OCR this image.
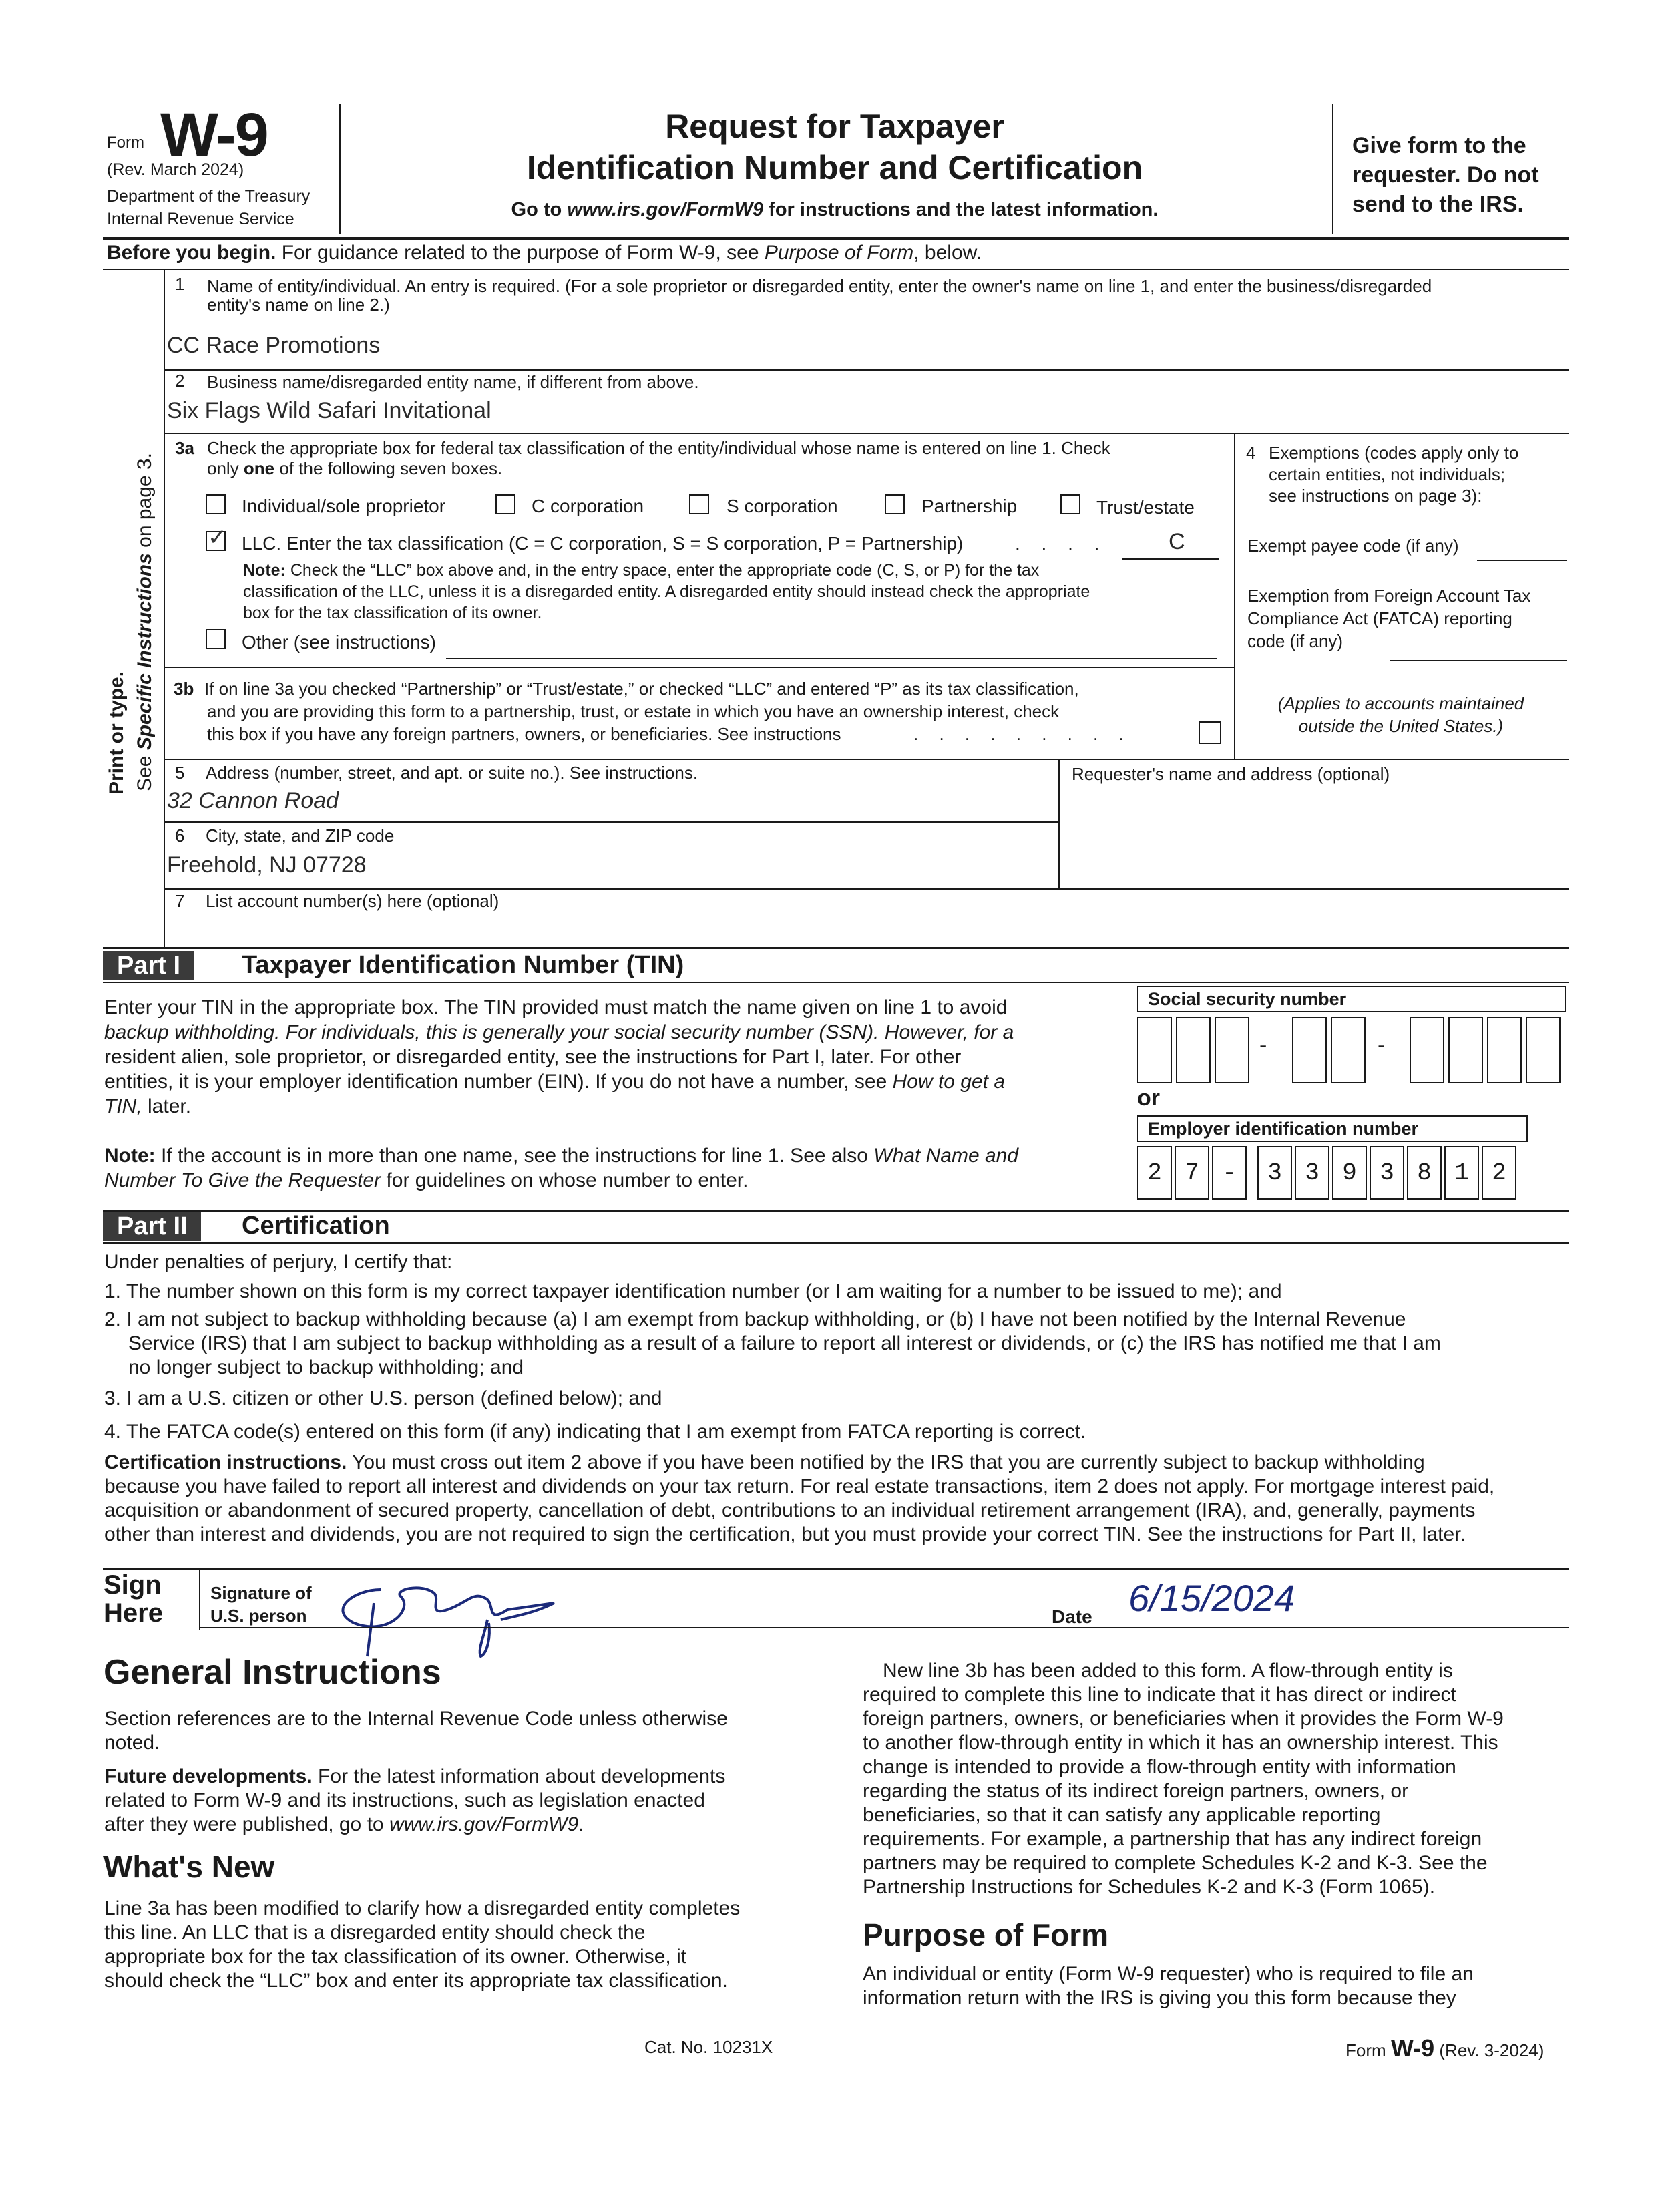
Form W-9
(Rev. March 2024)
Department of the Treasury
Internal Revenue Service
Request for Taxpayer
Identification Number and Certification
Go to www.irs.gov/FormW9 for instructions and the latest information.
Give form to the
requester. Do not
send to the IRS.
Before you begin. For guidance related to the purpose of Form W-9, see Purpose of Form, below.
Print or type. See Specific Instructions on page 3.
1 Name of entity/individual. An entry is required. (For a sole proprietor or disregarded entity, enter the owner's name on line 1, and enter the business/disregarded
entity's name on line 2.)
CC Race Promotions
2 Business name/disregarded entity name, if different from above.
Six Flags Wild Safari Invitational
3a Check the appropriate box for federal tax classification of the entity/individual whose name is entered on line 1. Check
only one of the following seven boxes.
Individual/sole proprietor	C corporation	S corporation	Partnership	Trust/estate
✓ LLC. Enter the tax classification (C = C corporation, S = S corporation, P = Partnership)	. . . .	C
Note: Check the “LLC” box above and, in the entry space, enter the appropriate code (C, S, or P) for the tax
classification of the LLC, unless it is a disregarded entity. A disregarded entity should instead check the appropriate
box for the tax classification of its owner.
Other (see instructions)
3b If on line 3a you checked “Partnership” or “Trust/estate,” or checked “LLC” and entered “P” as its tax classification,
and you are providing this form to a partnership, trust, or estate in which you have an ownership interest, check
this box if you have any foreign partners, owners, or beneficiaries. See instructions	. . . . . . . . .
4 Exemptions (codes apply only to
certain entities, not individuals;
see instructions on page 3):
Exempt payee code (if any)
Exemption from Foreign Account Tax
Compliance Act (FATCA) reporting
code (if any)
(Applies to accounts maintained
outside the United States.)
5 Address (number, street, and apt. or suite no.). See instructions.
32 Cannon Road
Requester's name and address (optional)
6 City, state, and ZIP code
Freehold, NJ 07728
7 List account number(s) here (optional)
Part I	Taxpayer Identification Number (TIN)
Enter your TIN in the appropriate box. The TIN provided must match the name given on line 1 to avoid
backup withholding. For individuals, this is generally your social security number (SSN). However, for a
resident alien, sole proprietor, or disregarded entity, see the instructions for Part I, later. For other
entities, it is your employer identification number (EIN). If you do not have a number, see How to get a
TIN, later.
Note: If the account is in more than one name, see the instructions for line 1. See also What Name and
Number To Give the Requester for guidelines on whose number to enter.
Social security number
-	-
or
Employer identification number
2 7 -	3 3 9 3 8 1 2
Part II	Certification
Under penalties of perjury, I certify that:
1. The number shown on this form is my correct taxpayer identification number (or I am waiting for a number to be issued to me); and
2. I am not subject to backup withholding because (a) I am exempt from backup withholding, or (b) I have not been notified by the Internal Revenue
Service (IRS) that I am subject to backup withholding as a result of a failure to report all interest or dividends, or (c) the IRS has notified me that I am
no longer subject to backup withholding; and
3. I am a U.S. citizen or other U.S. person (defined below); and
4. The FATCA code(s) entered on this form (if any) indicating that I am exempt from FATCA reporting is correct.
Certification instructions. You must cross out item 2 above if you have been notified by the IRS that you are currently subject to backup withholding
because you have failed to report all interest and dividends on your tax return. For real estate transactions, item 2 does not apply. For mortgage interest paid,
acquisition or abandonment of secured property, cancellation of debt, contributions to an individual retirement arrangement (IRA), and, generally, payments
other than interest and dividends, you are not required to sign the certification, but you must provide your correct TIN. See the instructions for Part II, later.
Sign
Here
Signature of
U.S. person	Date 6/15/2024
General Instructions
Section references are to the Internal Revenue Code unless otherwise
noted.
Future developments. For the latest information about developments
related to Form W-9 and its instructions, such as legislation enacted
after they were published, go to www.irs.gov/FormW9.
What's New
Line 3a has been modified to clarify how a disregarded entity completes
this line. An LLC that is a disregarded entity should check the
appropriate box for the tax classification of its owner. Otherwise, it
should check the “LLC” box and enter its appropriate tax classification.
New line 3b has been added to this form. A flow-through entity is
required to complete this line to indicate that it has direct or indirect
foreign partners, owners, or beneficiaries when it provides the Form W-9
to another flow-through entity in which it has an ownership interest. This
change is intended to provide a flow-through entity with information
regarding the status of its indirect foreign partners, owners, or
beneficiaries, so that it can satisfy any applicable reporting
requirements. For example, a partnership that has any indirect foreign
partners may be required to complete Schedules K-2 and K-3. See the
Partnership Instructions for Schedules K-2 and K-3 (Form 1065).
Purpose of Form
An individual or entity (Form W-9 requester) who is required to file an
information return with the IRS is giving you this form because they
Cat. No. 10231X	Form W-9 (Rev. 3-2024)
